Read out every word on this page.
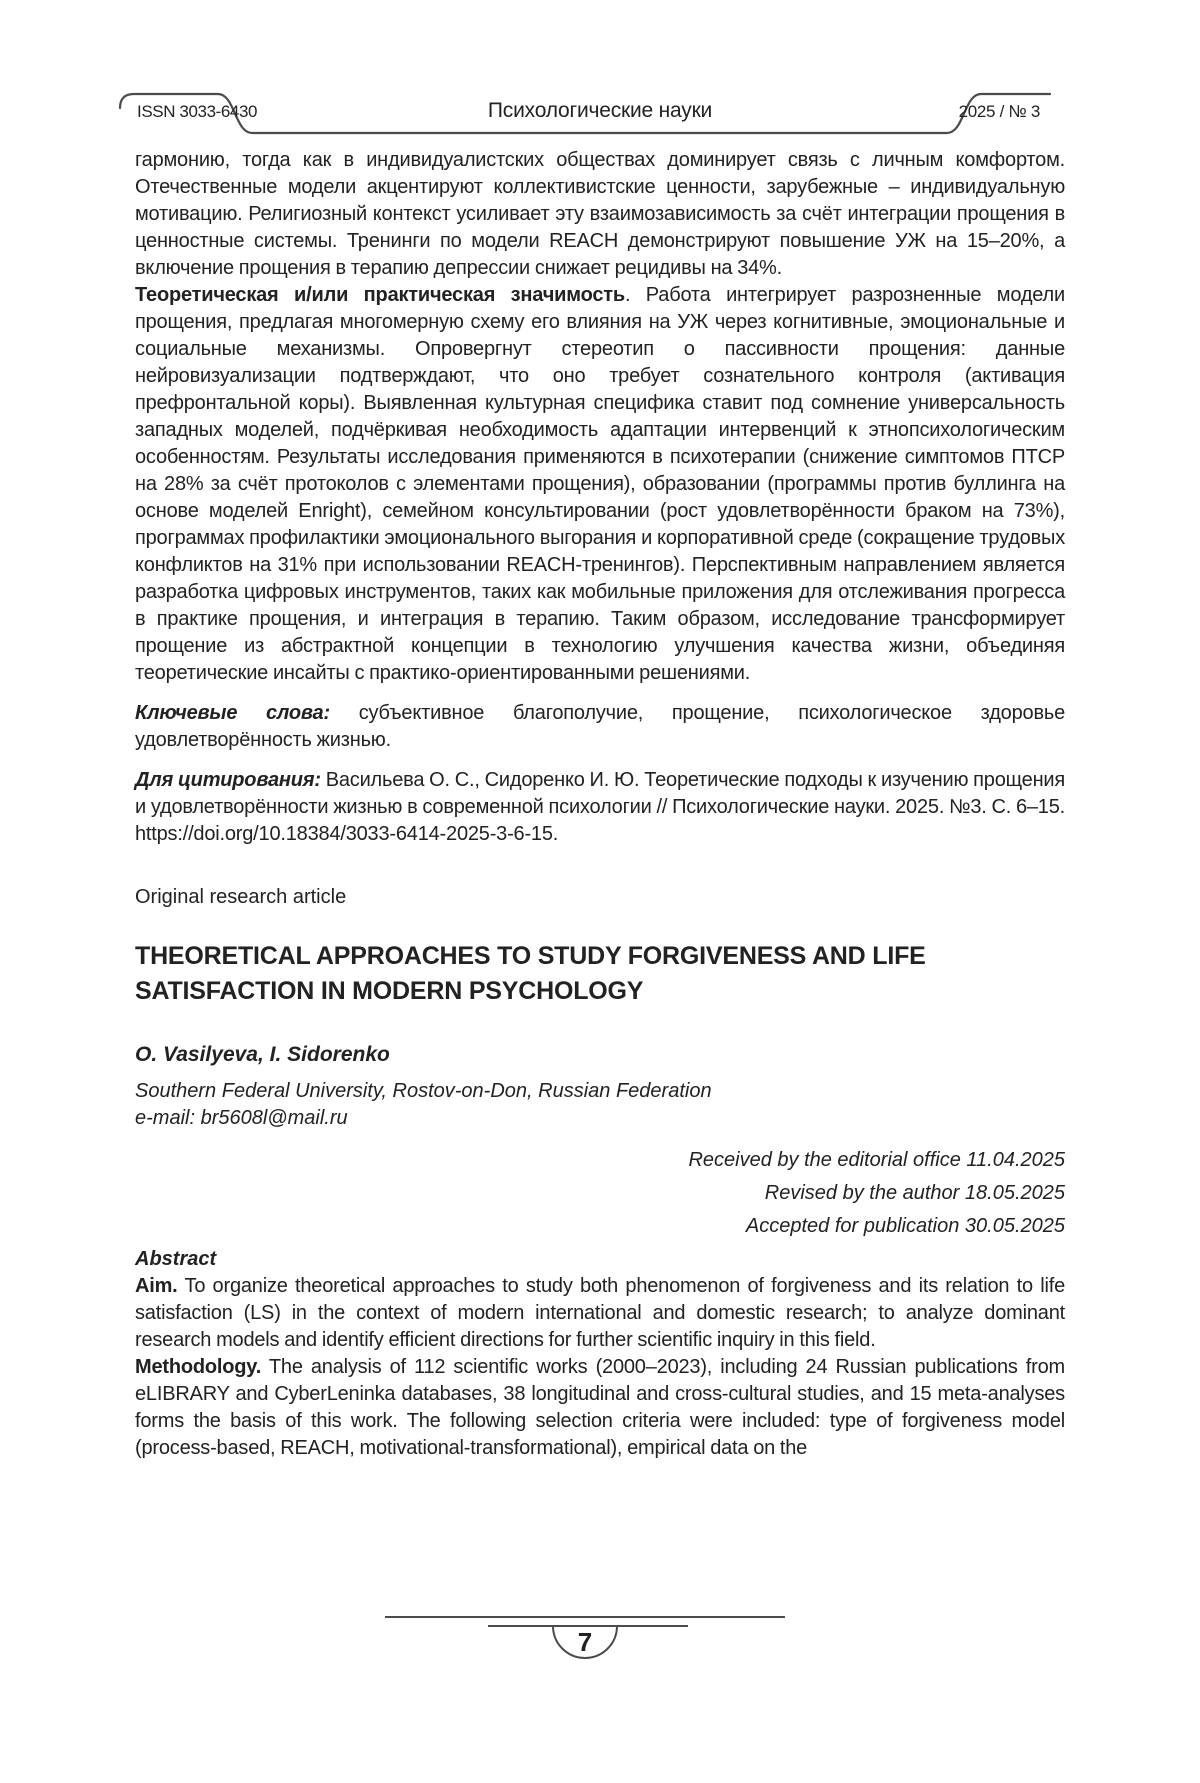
ISSN 3033-6430	Психологические науки	2025 / № 3

гармонию, тогда как в индивидуалистских обществах доминирует связь с личным комфортом. Отечественные модели акцентируют коллективистские ценности, зарубежные – индивидуальную мотивацию. Религиозный контекст усиливает эту взаимозависимость за счёт интеграции прощения в ценностные системы. Тренинги по модели REACH демонстрируют повышение УЖ на 15–20%, а включение прощения в терапию депрессии снижает рецидивы на 34%.

Теоретическая и/или практическая значимость. Работа интегрирует разрозненные модели прощения, предлагая многомерную схему его влияния на УЖ через когнитивные, эмоциональные и социальные механизмы. Опровергнут стереотип о пассивности прощения: данные нейровизуализации подтверждают, что оно требует сознательного контроля (активация префронтальной коры). Выявленная культурная специфика ставит под сомнение универсальность западных моделей, подчёркивая необходимость адаптации интервенций к этнопсихологическим особенностям. Результаты исследования применяются в психотерапии (снижение симптомов ПТСР на 28% за счёт протоколов с элементами прощения), образовании (программы против буллинга на основе моделей Enright), семейном консультировании (рост удовлетворённости браком на 73%), программах профилактики эмоционального выгорания и корпоративной среде (сокращение трудовых конфликтов на 31% при использовании REACH-тренингов). Перспективным направлением является разработка цифровых инструментов, таких как мобильные приложения для отслеживания прогресса в практике прощения, и интеграция в терапию. Таким образом, исследование трансформирует прощение из абстрактной концепции в технологию улучшения качества жизни, объединяя теоретические инсайты с практико-ориентированными решениями.

Ключевые слова: субъективное благополучие, прощение, психологическое здоровье удовлетворённость жизнью.

Для цитирования: Васильева О. С., Сидоренко И. Ю. Теоретические подходы к изучению прощения и удовлетворённости жизнью в современной психологии // Психологические науки. 2025. №3. С. 6–15. https://doi.org/10.18384/3033-6414-2025-3-6-15.

Original research article

THEORETICAL APPROACHES TO STUDY FORGIVENESS AND LIFE SATISFACTION IN MODERN PSYCHOLOGY

O. Vasilyeva, I. Sidorenko

Southern Federal University, Rostov-on-Don, Russian Federation

e-mail: br5608l@mail.ru

Received by the editorial office 11.04.2025

Revised by the author 18.05.2025

Accepted for publication 30.05.2025

Abstract

Aim. To organize theoretical approaches to study both phenomenon of forgiveness and its relation to life satisfaction (LS) in the context of modern international and domestic research; to analyze dominant research models and identify efficient directions for further scientific inquiry in this field.

Methodology. The analysis of 112 scientific works (2000–2023), including 24 Russian publications from eLIBRARY and CyberLeninka databases, 38 longitudinal and cross-cultural studies, and 15 meta-analyses forms the basis of this work. The following selection criteria were included: type of forgiveness model (process-based, REACH, motivational-transformational), empirical data on the

7
